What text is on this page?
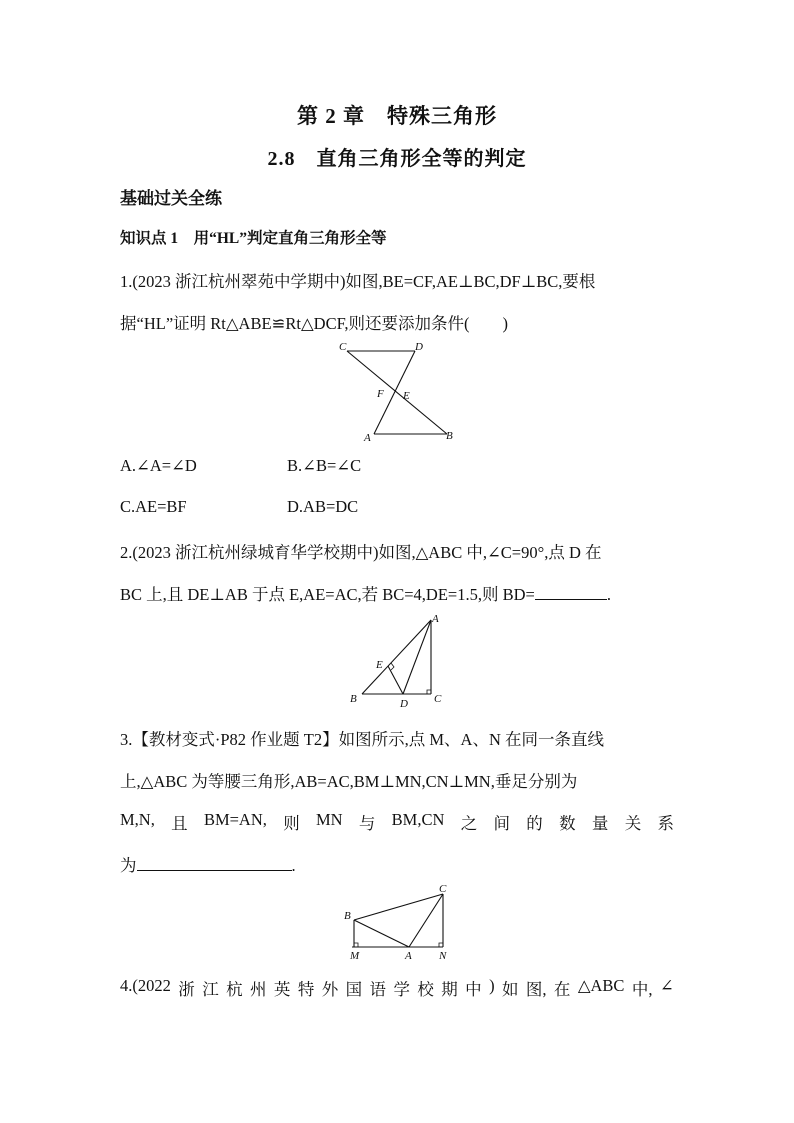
第 2 章　特殊三角形
2.8　直角三角形全等的判定
基础过关全练
知识点 1　用“HL”判定直角三角形全等
1.(2023 浙江杭州翠苑中学期中)如图,BE=CF,AE⊥BC,DF⊥BC,要根
据“HL”证明 Rt△ABE≌Rt△DCF,则还要添加条件(　　)
C	D
F E
A	B
A.∠A=∠D	B.∠B=∠C
C.AE=BF	D.AB=DC
2.(2023 浙江杭州绿城育华学校期中)如图,△ABC 中,∠C=90°,点 D 在
BC 上,且 DE⊥AB 于点 E,AE=AC,若 BC=4,DE=1.5,则 BD=	.
A
E
B	D C
3.【教材变式·P82 作业题 T2】如图所示,点 M、A、N 在同一条直线
上,△ABC 为等腰三角形,AB=AC,BM⊥MN,CN⊥MN,垂足分别为
M,N, 且 BM=AN, 则 MN 与 BM,CN 之 间 的 数 量 关 系
为	.
C
B
M	A N
4.(2022 浙 江 杭 州 英 特 外 国 语 学 校 期 中 ) 如 图, 在 △ABC 中, ∠
